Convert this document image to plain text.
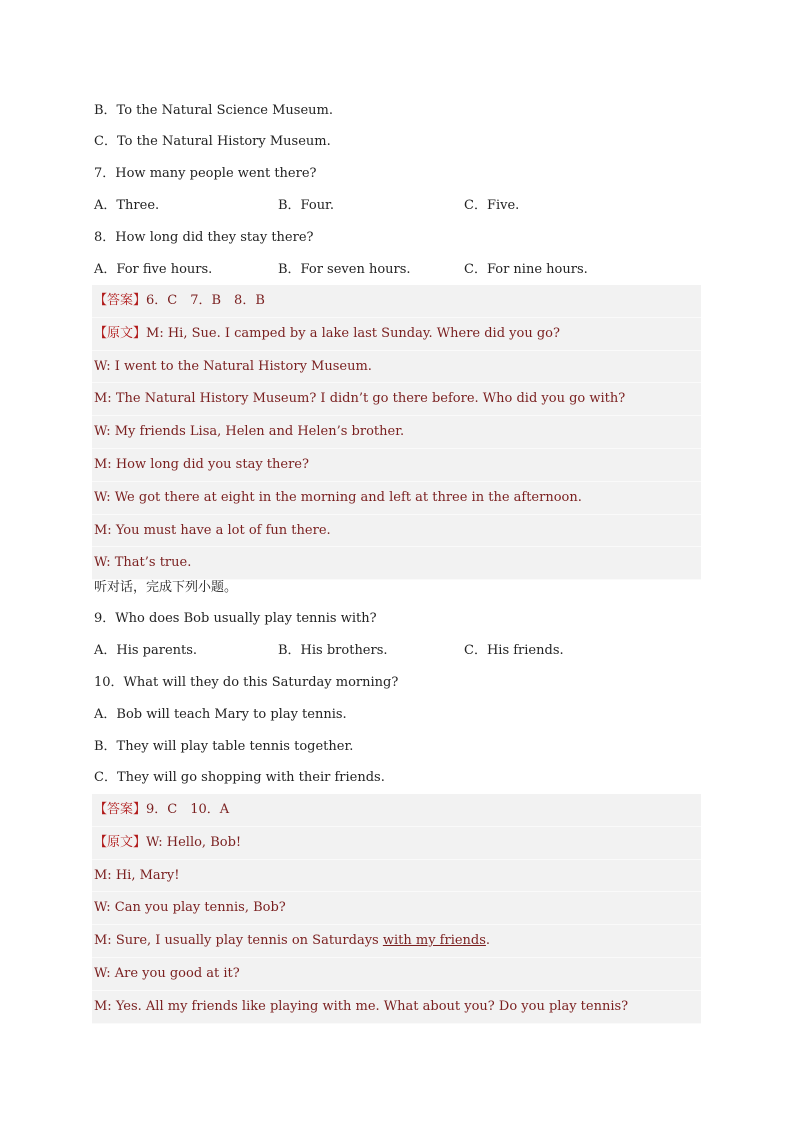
B．To the Natural Science Museum.
C．To the Natural History Museum.
7．How many people went there?
A．Three.	B．Four.	C．Five.
8．How long did they stay there?
A．For five hours.	B．For seven hours.	C．For nine hours.
【答案】6．C　7．B　8．B
【原文】M: Hi, Sue. I camped by a lake last Sunday. Where did you go?
W: I went to the Natural History Museum.
M: The Natural History Museum? I didn’t go there before. Who did you go with?
W: My friends Lisa, Helen and Helen’s brother.
M: How long did you stay there?
W: We got there at eight in the morning and left at three in the afternoon.
M: You must have a lot of fun there.
W: That’s true.
听对话，完成下列小题。
9．Who does Bob usually play tennis with?
A．His parents.	B．His brothers.	C．His friends.
10．What will they do this Saturday morning?
A．Bob will teach Mary to play tennis.
B．They will play table tennis together.
C．They will go shopping with their friends.
【答案】9．C　10．A
【原文】W: Hello, Bob!
M: Hi, Mary!
W: Can you play tennis, Bob?
M: Sure, I usually play tennis on Saturdays with my friends.
W: Are you good at it?
M: Yes. All my friends like playing with me. What about you? Do you play tennis?
